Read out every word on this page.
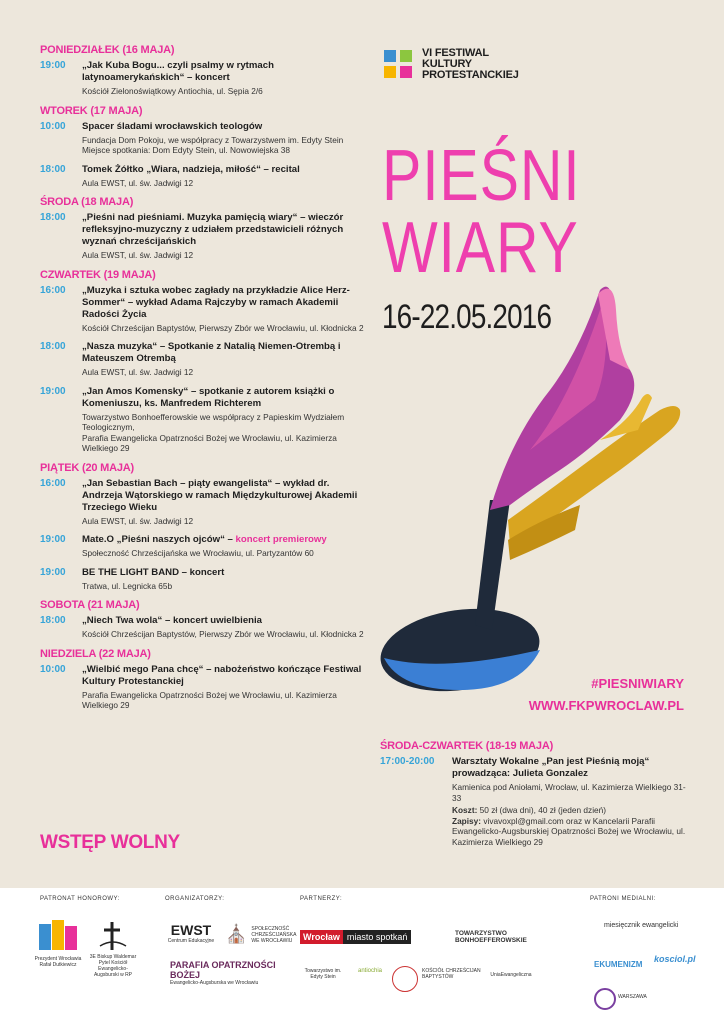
PONIEDZIAŁEK (16 MAJA)
19:00	„Jak Kuba Bogu... czyli psalmy w rytmach latynoamerykańskich“ – koncert
Kościół Zielonoświątkowy Antiochia, ul. Sępia 2/6
WTOREK (17 MAJA)
10:00	Spacer śladami wrocławskich teologów
Fundacja Dom Pokoju, we współpracy z Towarzystwem im. Edyty Stein
Miejsce spotkania: Dom Edyty Stein, ul. Nowowiejska 38
18:00	Tomek Żółtko „Wiara, nadzieja, miłość“ – recital
Aula EWST, ul. św. Jadwigi 12
ŚRODA (18 MAJA)
18:00	„Pieśni nad pieśniami. Muzyka pamięcią wiary“ – wieczór refleksyjno-muzyczny z udziałem przedstawicieli różnych wyznań chrześcijańskich
Aula EWST, ul. św. Jadwigi 12
CZWARTEK (19 MAJA)
16:00	„Muzyka i sztuka wobec zagłady na przykładzie Alice Herz-Sommer“ – wykład Adama Rajczyby w ramach Akademii Radości Życia
Kościół Chrześcijan Baptystów, Pierwszy Zbór we Wrocławiu, ul. Kłodnicka 2
18:00	„Nasza muzyka“ – Spotkanie z Natalią Niemen-Otrembą i Mateuszem Otrembą
Aula EWST, ul. św. Jadwigi 12
19:00	„Jan Amos Komensky“ – spotkanie z autorem książki o Komeniuszu, ks. Manfredem Richterem
Towarzystwo Bonhoefferowskie we współpracy z Papieskim Wydziałem Teologicznym,
Parafia Ewangelicka Opatrzności Bożej we Wrocławiu, ul. Kazimierza Wielkiego 29
PIĄTEK (20 MAJA)
16:00	„Jan Sebastian Bach – piąty ewangelista“ – wykład dr. Andrzeja Wątorskiego w ramach Międzykulturowej Akademii Trzeciego Wieku
Aula EWST, ul. św. Jadwigi 12
19:00	Mate.O „Pieśni naszych ojców“ – koncert premierowy
Społeczność Chrześcijańska we Wrocławiu, ul. Partyzantów 60
19:00	BE THE LIGHT BAND – koncert
Tratwa, ul. Legnicka 65b
SOBOTA (21 MAJA)
18:00	„Niech Twa wola“ – koncert uwielbienia
Kościół Chrześcijan Baptystów, Pierwszy Zbór we Wrocławiu, ul. Kłodnicka 2
NIEDZIELA (22 MAJA)
10:00	„Wielbić mego Pana chcę“ – nabożeństwo kończące Festiwal Kultury Protestanckiej
Parafia Ewangelicka Opatrzności Bożej we Wrocławiu, ul. Kazimierza Wielkiego 29
VI FESTIWAL
KULTURY
PROTESTANCKIEJ
PIEŚNI
WIARY
16-22.05.2016
#PIESNIWIARY
WWW.FKPWROCLAW.PL
ŚRODA-CZWARTEK (18-19 MAJA)
17:00-20:00	Warsztaty Wokalne „Pan jest Pieśnią moją“ prowadząca: Julieta Gonzalez
Kamienica pod Aniołami, Wrocław, ul. Kazimierza Wielkiego 31-33
Koszt: 50 zł (dwa dni), 40 zł (jeden dzień)
Zapisy: vivavoxpl@gmail.com oraz w Kancelarii Parafii Ewangelicko-Augsburskiej Opatrzności Bożej we Wrocławiu, ul. Kazimierza Wielkiego 29
WSTĘP WOLNY
PATRONAT HONOROWY:	ORGANIZATORZY:	PARTNERZY:	PATRONI MEDIALNI:
Prezydent Wrocławia Rafał Dutkiewicz
3E Biskup Waldemar Pytel Kościół Ewangelicko-Augsburski w RP
EWST
Centrum Edukacyjne ⛪ SPOŁECZNOŚĆ CHRZEŚCIJAŃSKA WE WROCŁAWIU
PARAFIA OPATRZNOŚCI BOŻEJ
Ewangelicko-Augsburska we Wrocławiu
Wrocław miasto spotkań	TOWARZYSTWO BONHOEFFEROWSKIE
Towarzystwo im. Edyty Stein
antiochia	KOŚCIÓŁ CHRZEŚCIJAN BAPTYSTÓW	UniaEwangeliczna
miesięcznik ewangelicki
EKUMENIZM
kosciol.pl
WARSZAWA
